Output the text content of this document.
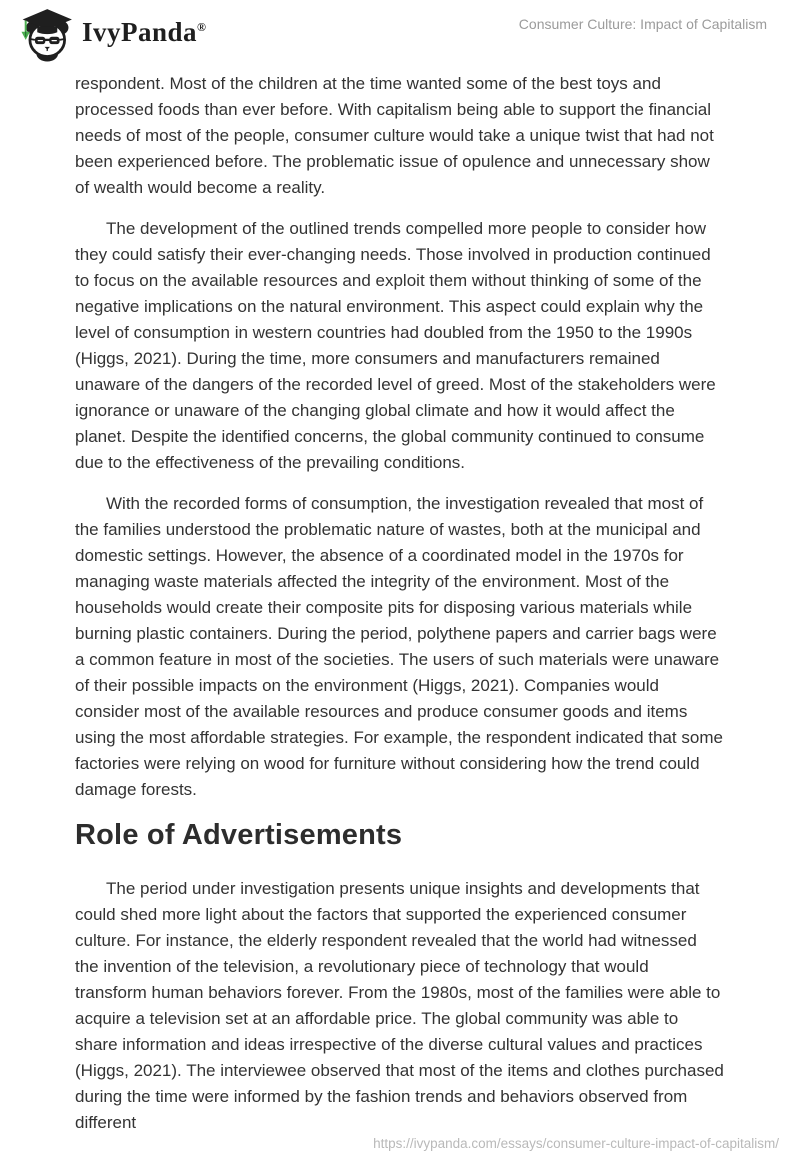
IvyPanda®	Consumer Culture: Impact of Capitalism

respondent. Most of the children at the time wanted some of the best toys and processed foods than ever before. With capitalism being able to support the financial needs of most of the people, consumer culture would take a unique twist that had not been experienced before. The problematic issue of opulence and unnecessary show of wealth would become a reality.

The development of the outlined trends compelled more people to consider how they could satisfy their ever-changing needs. Those involved in production continued to focus on the available resources and exploit them without thinking of some of the negative implications on the natural environment. This aspect could explain why the level of consumption in western countries had doubled from the 1950 to the 1990s (Higgs, 2021). During the time, more consumers and manufacturers remained unaware of the dangers of the recorded level of greed. Most of the stakeholders were ignorance or unaware of the changing global climate and how it would affect the planet. Despite the identified concerns, the global community continued to consume due to the effectiveness of the prevailing conditions.

With the recorded forms of consumption, the investigation revealed that most of the families understood the problematic nature of wastes, both at the municipal and domestic settings. However, the absence of a coordinated model in the 1970s for managing waste materials affected the integrity of the environment. Most of the households would create their composite pits for disposing various materials while burning plastic containers. During the period, polythene papers and carrier bags were a common feature in most of the societies. The users of such materials were unaware of their possible impacts on the environment (Higgs, 2021). Companies would consider most of the available resources and produce consumer goods and items using the most affordable strategies. For example, the respondent indicated that some factories were relying on wood for furniture without considering how the trend could damage forests.

Role of Advertisements

The period under investigation presents unique insights and developments that could shed more light about the factors that supported the experienced consumer culture. For instance, the elderly respondent revealed that the world had witnessed the invention of the television, a revolutionary piece of technology that would transform human behaviors forever. From the 1980s, most of the families were able to acquire a television set at an affordable price. The global community was able to share information and ideas irrespective of the diverse cultural values and practices (Higgs, 2021). The interviewee observed that most of the items and clothes purchased during the time were informed by the fashion trends and behaviors observed from different

https://ivypanda.com/essays/consumer-culture-impact-of-capitalism/
